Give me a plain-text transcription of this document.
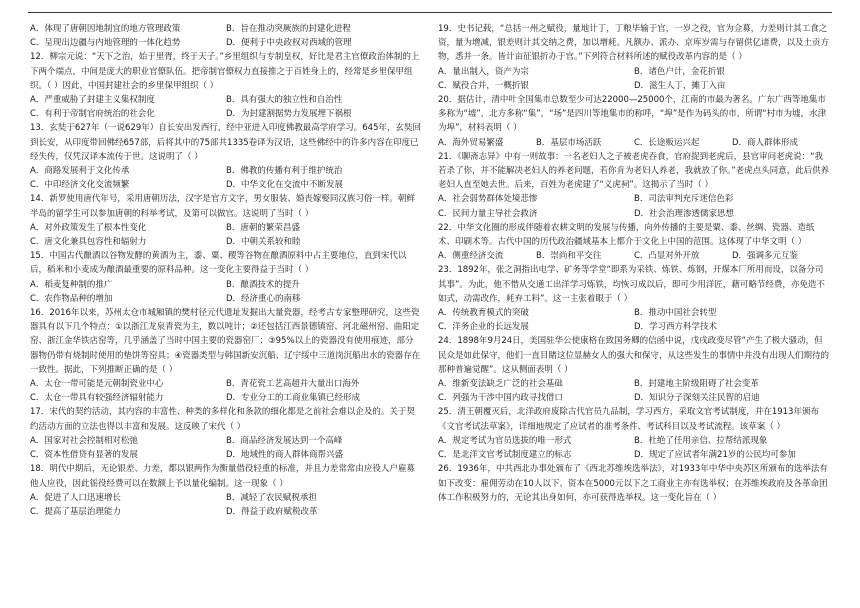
A．体现了唐朝因地制宜的地方管理政策	B．旨在推动突厥族的封建化进程
C．呈现出边疆与内地管理的一体化趋势	D．便利于中央政权对西域的管理
12．柳宗元说：“天下之治，始于里胥，终于天子。”乡里组织与专制皇权，好比是君主官僚政治体制的上下两个端点，中间是庞大的职业官僚队伍。把帝制官僚权力直接推之于百姓身上的，经常是乡里保甲组织。（ ）因此，中国封建社会的乡里保甲组织（ ）
A．严重威胁了封建主义集权制度	B．具有强大的独立性和自治性
C．有利于帝制官府统治的社会化	D．为封建割据势力发展埋下祸根
13．玄奘于627年（一说629年）自长安出发西行，经中亚进入印度佛教最高学府学习。645年，玄奘回到长安，从印度带回佛经657部，后将其中的75部共1335卷译为汉语，这些佛经中的许多内容在印度已经失传，仅凭汉译本流传于世。这说明了（ ）
A．商路发展利于文化传承	B．佛教的传播有利于维护统治
C．中印经济文化交流频繁	D．中华文化在交流中不断发展
14．新罗使用唐代年号，采用唐朝历法，汉字是官方文字，男女服装、婚丧嫁娶同汉族习俗一样。朝鲜半岛的留学生可以参加唐朝的科举考试，及第可以做官。这说明了当时（ ）
A．对外政策发生了根本性变化	B．唐朝的繁荣昌盛
C．唐文化兼具包容性和辐射力	D．中朝关系较和睦
15．中国古代酿酒以谷物发酵的黄酒为主，黍、粟、稷等谷物在酿酒原料中占主要地位，直到宋代以后，稻米和小麦成为酿酒最重要的原料品种。这一变化主要得益于当时（ ）
A．稻麦复种制的推广	B．酿酒技术的提升
C．农作物品种的增加	D．经济重心的南移
16．2016年以来，苏州太仓市城厢镇的樊村径元代遗址发掘出大量瓷器，经考古专家整理研究，这些瓷器具有以下几个特点：①以浙江龙泉青瓷为主，数以吨计；②还包括江西景德镇窑、河北磁州窑、曲阳定窑、浙江金华铁店窑等，几乎涵盖了当时中国主要的瓷器窑厂；③95%以上的瓷器没有使用痕迹，部分器物仍带有烧制时使用的垫饼等窑具；④瓷器类型与韩国新安沉船、辽宁绥中三道岗沉船出水的瓷器存在一致性。据此，下列推断正确的是（ ）
A．太仓一带可能是元朝制瓷业中心	B．青花瓷工艺高超并大量出口海外
C．太仓一带具有较强经济辐射能力	D．专业分工的工商业集镇已经形成
17．宋代的契约活动，其内容的丰富性、种类的多样化和条款的细化都是之前社会难以企及的。关于契约活动方面的立法也得以丰富和发展。这反映了宋代（ ）
A．国家对社会控制相对松弛	B．商品经济发展达到一个高峰
C．资本性借贷有显著的发展	D．地域性的商人群体商帮兴盛
18．明代中期后，无论银差、力差，都以银两作为衡量借役轻重的标准，并且力差常常由应役人户雇募他人应役，因此徭役经费可以在数额上予以量化编制。这一现象（ ）
A．促进了人口迅速增长	B．减轻了农民赋税承担
C．提高了基层治理能力	D．得益于政府赋税改革
19．史书记载，“总括一州之赋役，量地计丁，丁粮毕输于官，一岁之役，官为佥募，力差则计其工食之资，量为增减，银差则计其交纳之费，加以增耗。凡额办、派办、京库岁需与存留供亿诸费，以及土贡方物，悉并一条。皆计亩征银折办于官。”下列符合材料所述的赋役改革内容的是（ ）
A．量出制入，资产为宗	B．诸色户计，金花折银
C．赋役合并，一概折银	D．滋生人丁，摊丁入亩
20．据估计，清中叶全国集市总数至少可达22000—25000个，江南的市最为著名。广东广西等地集市多称为“墟”，北方多称“集”，“场”是四川等地集市的称呼，“埠”是作为码头的市，所谓“村市为墟，水津为埠”，材料表明（ ）
A．海外贸易繁盛	B．基层市场活跃	C．长途贩运兴起	D．商人群体形成
21．《聊斋志异》中有一则故事：一名老妇人之子被老虎吞食，官府捉到老虎后，县官审问老虎说：“我若杀了你，并不能解决老妇人的养老问题，若你肯为老妇人养老，我就放了你。”老虎点头同意，此后供养老妇人直至她去世。后来，百姓为老虎建了“义虎祠”。这揭示了当时（ ）
A．社会弱势群体处境悲惨	B．司法审判充斥迷信色彩
C．民间力量主导社会救济	D．社会治理渗透儒家思想
22．中华文化圈的形成伴随着农耕文明的发展与传播，向外传播的主要是粟、黍、丝绸、瓷器、造纸术、印刷术等。古代中国的历代政治疆域基本上都介于文化上中国的范围。这体现了中华文明（ ）
A．侧重经济交流	B．崇尚和平交往	C．凸显对外开放	D．强调多元互鉴
23．1892年，张之洞指出电学、矿务等学堂“即系为采铁、炼铁、炼钢，开煤本厂所用而设，以备分司其事”。为此，他不惜从交通工出洋学习炼铁，均恢习成以后，即可少用洋匠，藉可略节经费，亦免造不如式，动需改作，耗弃工料”。这一主张着眼于（ ）
A．传统教育模式的突破	B．推动中国社会转型
C．洋务企业的长远发展	D．学习西方科学技术
24．1898年9月24日，美国驻华公使康格在致国务卿的信函中说，戊戌政变尽管“产生了极大骚动，但民众是如此保守，他们一直目睹这位显赫女人的强大和保守，从这些发生的事情中并没有出现人们期待的那种普遍觉醒”。这从侧面表明（ ）
A．维新变法缺乏广泛的社会基础	B．封建地主阶级阻碍了社会变革
C．列强为干涉中国内政寻找借口	D．知识分子深刻关注民智的启迪
25．清王朝覆灭后，北洋政府废除古代官员九品制，学习西方，采取文官考试制度，并在1913年颁布《文官考试法草案》，详细地规定了应试者的准考条件、考试科目以及考试流程。该草案（ ）
A．规定考试为官员选拔的唯一形式	B．杜绝了任用亲信、拉帮结派现象
C．是北洋文官考试制度建立的标志	D．规定了应试者年满21岁的公民均可参加
26．1936年，中共西北办事处颁布了《西北苏维埃选举法》，对1933年中华中央苏区所颁布的选举法有如下改变：雇佣劳动在10人以下、资本在5000元以下之工商业主亦有选举权；在苏维埃政府及各革命团体工作积极努力的，无论其出身如何，亦可获得选举权。这一变化旨在（ ）
